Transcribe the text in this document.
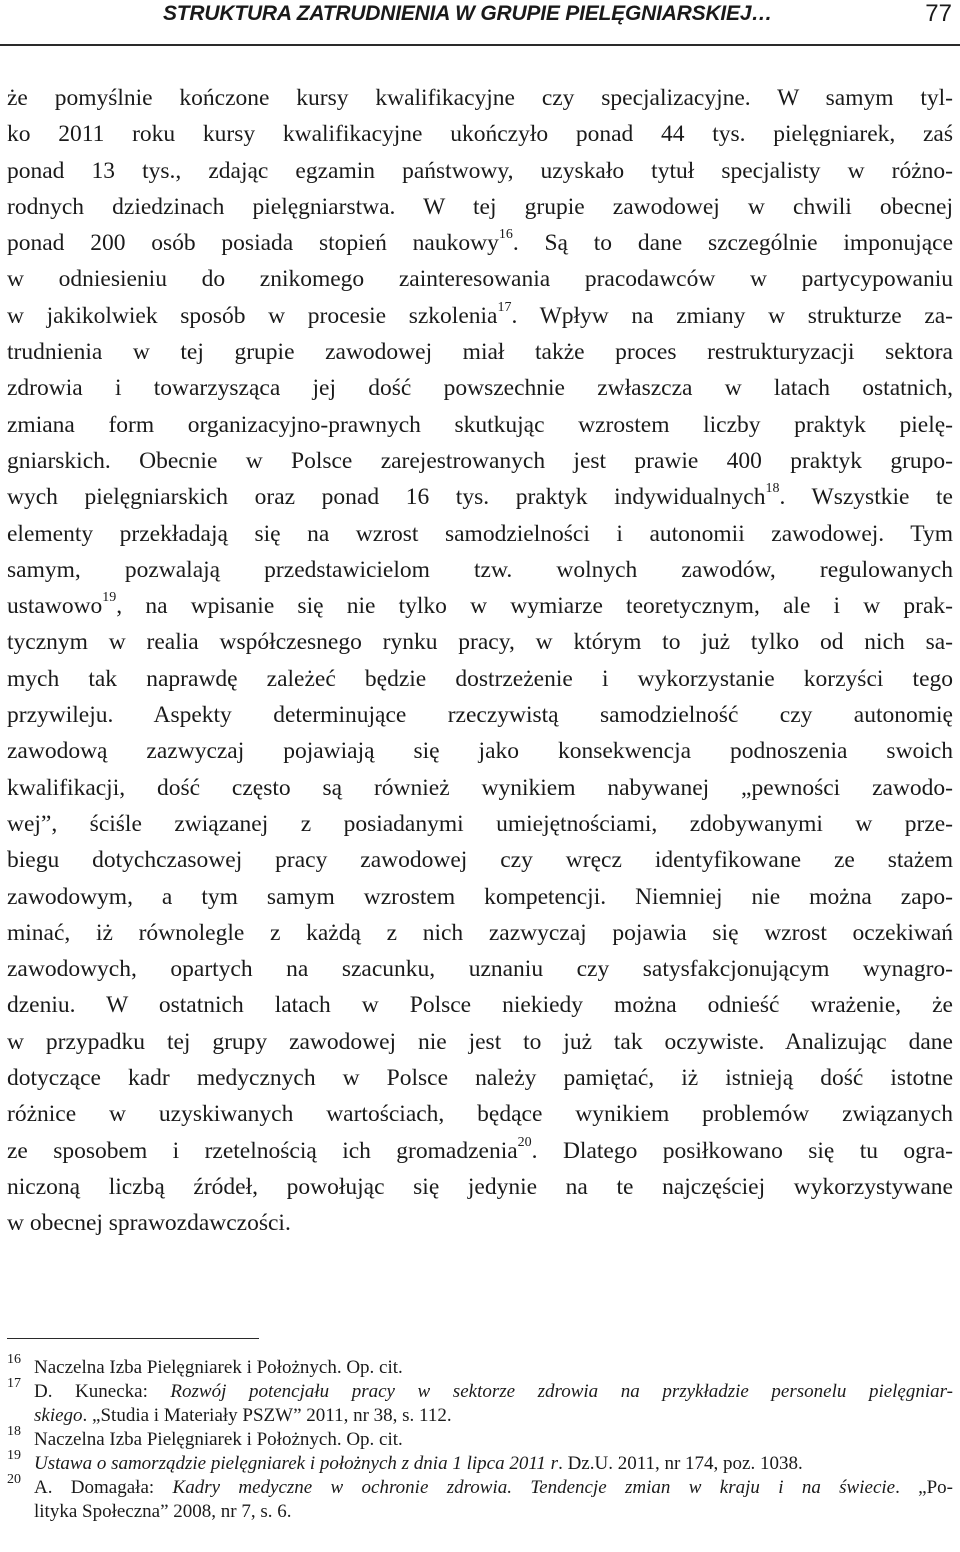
STRUKTURA ZATRUDNIENIA W GRUPIE PIELĘGNIARSKIEJ…	77
że pomyślnie kończone kursy kwalifikacyjne czy specjalizacyjne. W samym tyl-
ko 2011 roku kursy kwalifikacyjne ukończyło ponad 44 tys. pielęgniarek, zaś
ponad 13 tys., zdając egzamin państwowy, uzyskało tytuł specjalisty w różno-
rodnych dziedzinach pielęgniarstwa. W tej grupie zawodowej w chwili obecnej
ponad 200 osób posiada stopień naukowy$^{16}$. Są to dane szczególnie imponujące
w odniesieniu do znikomego zainteresowania pracodawców w partycypowaniu
w jakikolwiek sposób w procesie szkolenia$^{17}$. Wpływ na zmiany w strukturze za-
trudnienia w tej grupie zawodowej miał także proces restrukturyzacji sektora
zdrowia i towarzysząca jej dość powszechnie zwłaszcza w latach ostatnich,
zmiana form organizacyjno-prawnych skutkując wzrostem liczby praktyk pielę-
gniarskich. Obecnie w Polsce zarejestrowanych jest prawie 400 praktyk grupo-
wych pielęgniarskich oraz ponad 16 tys. praktyk indywidualnych$^{18}$. Wszystkie te
elementy przekładają się na wzrost samodzielności i autonomii zawodowej. Tym
samym, pozwalają przedstawicielom tzw. wolnych zawodów, regulowanych
ustawowo$^{19}$, na wpisanie się nie tylko w wymiarze teoretycznym, ale i w prak-
tycznym w realia współczesnego rynku pracy, w którym to już tylko od nich sa-
mych tak naprawdę zależeć będzie dostrzeżenie i wykorzystanie korzyści tego
przywileju. Aspekty determinujące rzeczywistą samodzielność czy autonomię
zawodową zazwyczaj pojawiają się jako konsekwencja podnoszenia swoich
kwalifikacji, dość często są również wynikiem nabywanej „pewności zawodo-
wej”, ściśle związanej z posiadanymi umiejętnościami, zdobywanymi w prze-
biegu dotychczasowej pracy zawodowej czy wręcz identyfikowane ze stażem
zawodowym, a tym samym wzrostem kompetencji. Niemniej nie można zapo-
minać, iż równolegle z każdą z nich zazwyczaj pojawia się wzrost oczekiwań
zawodowych, opartych na szacunku, uznaniu czy satysfakcjonującym wynagro-
dzeniu. W ostatnich latach w Polsce niekiedy można odnieść wrażenie, że
w przypadku tej grupy zawodowej nie jest to już tak oczywiste. Analizując dane
dotyczące kadr medycznych w Polsce należy pamiętać, iż istnieją dość istotne
różnice w uzyskiwanych wartościach, będące wynikiem problemów związanych
ze sposobem i rzetelnością ich gromadzenia$^{20}$. Dlatego posiłkowano się tu ogra-
niczoną liczbą źródeł, powołując się jedynie na te najczęściej wykorzystywane
w obecnej sprawozdawczości.
16 Naczelna Izba Pielęgniarek i Położnych. Op. cit.
17 D. Kunecka: Rozwój potencjału pracy w sektorze zdrowia na przykładzie personelu pielęgniar-
skiego. „Studia i Materiały PSZW” 2011, nr 38, s. 112.
18 Naczelna Izba Pielęgniarek i Położnych. Op. cit.
19 Ustawa o samorządzie pielęgniarek i położnych z dnia 1 lipca 2011 r. Dz.U. 2011, nr 174, poz. 1038.
20 A. Domagała: Kadry medyczne w ochronie zdrowia. Tendencje zmian w kraju i na świecie. „Po-
lityka Społeczna” 2008, nr 7, s. 6.
